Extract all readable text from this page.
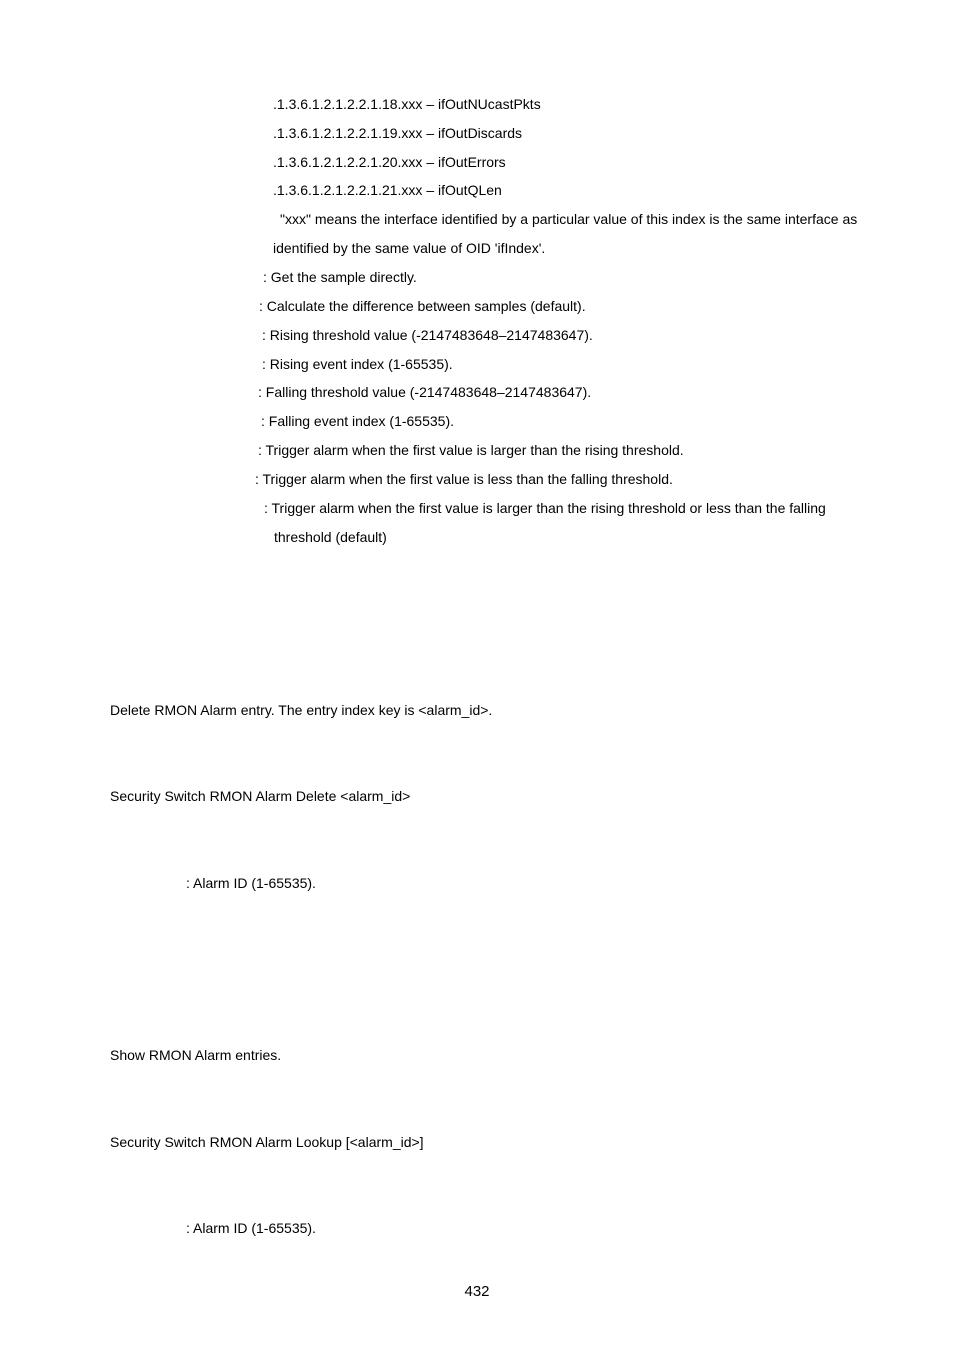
.1.3.6.1.2.1.2.2.1.18.xxx – ifOutNUcastPkts
.1.3.6.1.2.1.2.2.1.19.xxx – ifOutDiscards
.1.3.6.1.2.1.2.2.1.20.xxx – ifOutErrors
.1.3.6.1.2.1.2.2.1.21.xxx – ifOutQLen
"xxx" means the interface identified by a particular value of this index is the same interface as
identified by the same value of OID 'ifIndex'.
: Get the sample directly.
: Calculate the difference between samples (default).
: Rising threshold value (-2147483648–2147483647).
: Rising event index (1-65535).
: Falling threshold value (-2147483648–2147483647).
: Falling event index (1-65535).
: Trigger alarm when the first value is larger than the rising threshold.
: Trigger alarm when the first value is less than the falling threshold.
: Trigger alarm when the first value is larger than the rising threshold or less than the falling
threshold (default)
Delete RMON Alarm entry. The entry index key is <alarm_id>.
Security Switch RMON Alarm Delete <alarm_id>
: Alarm ID (1-65535).
Show RMON Alarm entries.
Security Switch RMON Alarm Lookup [<alarm_id>]
: Alarm ID (1-65535).
432
